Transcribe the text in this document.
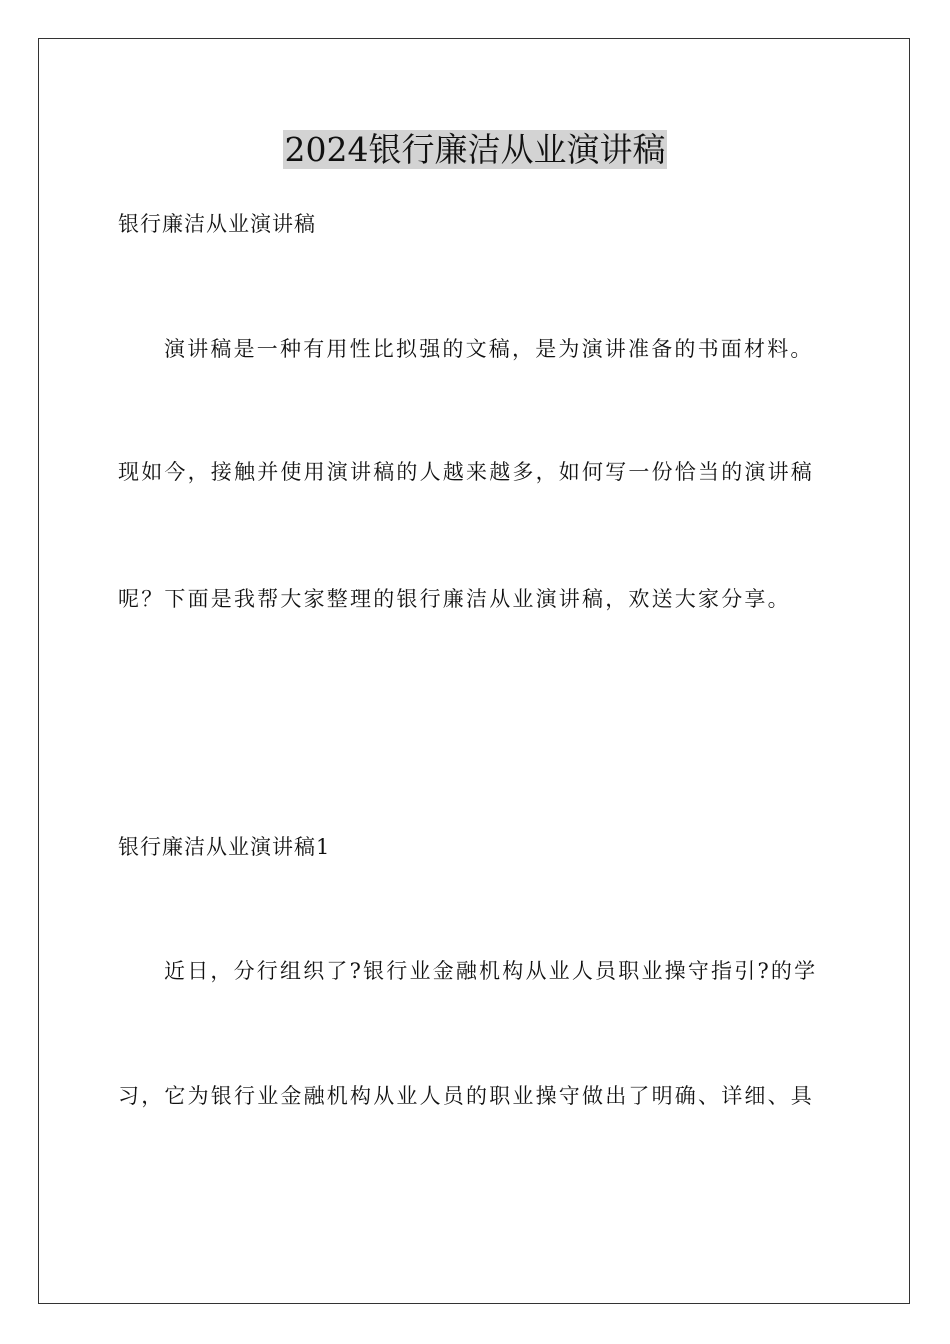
2024银行廉洁从业演讲稿
银行廉洁从业演讲稿
演讲稿是一种有用性比拟强的文稿，是为演讲准备的书面材料。
现如今，接触并使用演讲稿的人越来越多，如何写一份恰当的演讲稿
呢？下面是我帮大家整理的银行廉洁从业演讲稿，欢送大家分享。
银行廉洁从业演讲稿1
近日，分行组织了?银行业金融机构从业人员职业操守指引?的学
习，它为银行业金融机构从业人员的职业操守做出了明确、详细、具
